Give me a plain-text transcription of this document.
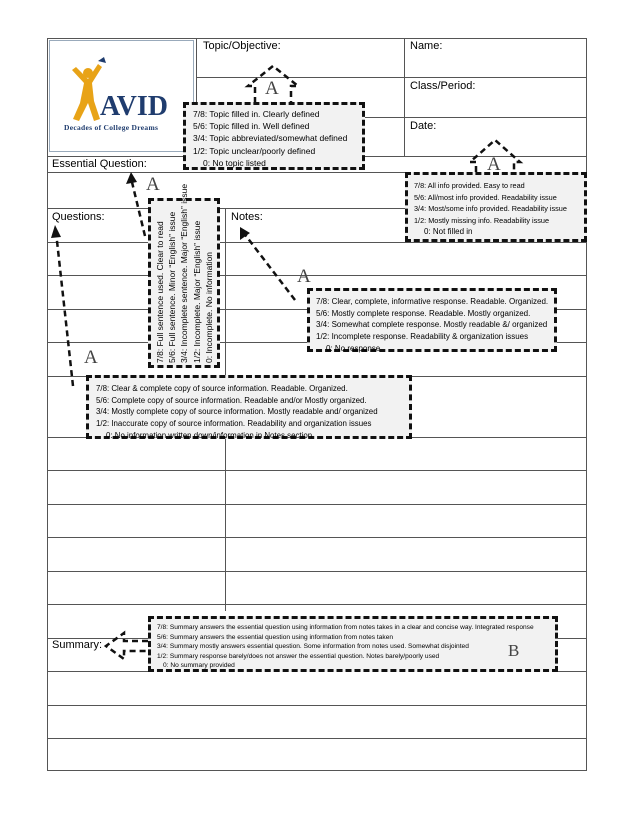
AVID
Decades of College Dreams
Topic/Objective:	Name:
Class/Period:
Date:
Essential Question:
Questions:	Notes:
Summary:
7/8: Topic filled in. Clearly defined
5/6: Topic filled in. Well defined
3/4: Topic abbreviated/somewhat defined
1/2: Topic unclear/poorly defined
0: No topic listed
A
7/8: All info provided. Easy to read
5/6: All/most info provided. Readability issue
3/4: Most/some info provided. Readability issue
1/2: Mostly missing info. Readability issue
0: Not filled in
A
7/8: Full sentence used. Clear to read 5/6: Full sentence. Minor “English” issue 3/4: Incomplete sentence. Major “English” issue 1/2: Incomplete. Major “English” issue 0: Incomplete. No information
A
7/8: Clear, complete, informative response. Readable. Organized.
5/6: Mostly complete response. Readable. Mostly organized.
3/4: Somewhat complete response. Mostly readable &/ organized
1/2: Incomplete response. Readability & organization issues
0: No response
A
7/8: Clear & complete copy of source information. Readable. Organized.
5/6: Complete copy of source information. Readable and/or Mostly organized.
3/4: Mostly complete copy of source information. Mostly readable and/ organized
1/2: Inaccurate copy of source information. Readability and organization issues
0: No information written down/information in Notes section
A
7/8: Summary answers the essential question using information from notes takes in a clear and concise way. Integrated response
5/6: Summary answers the essential question using information from notes taken
3/4: Summary mostly answers essential question. Some information from notes used. Somewhat disjointed
1/2: Summary response barely/does not answer the essential question. Notes barely/poorly used
0: No summary provided
B
